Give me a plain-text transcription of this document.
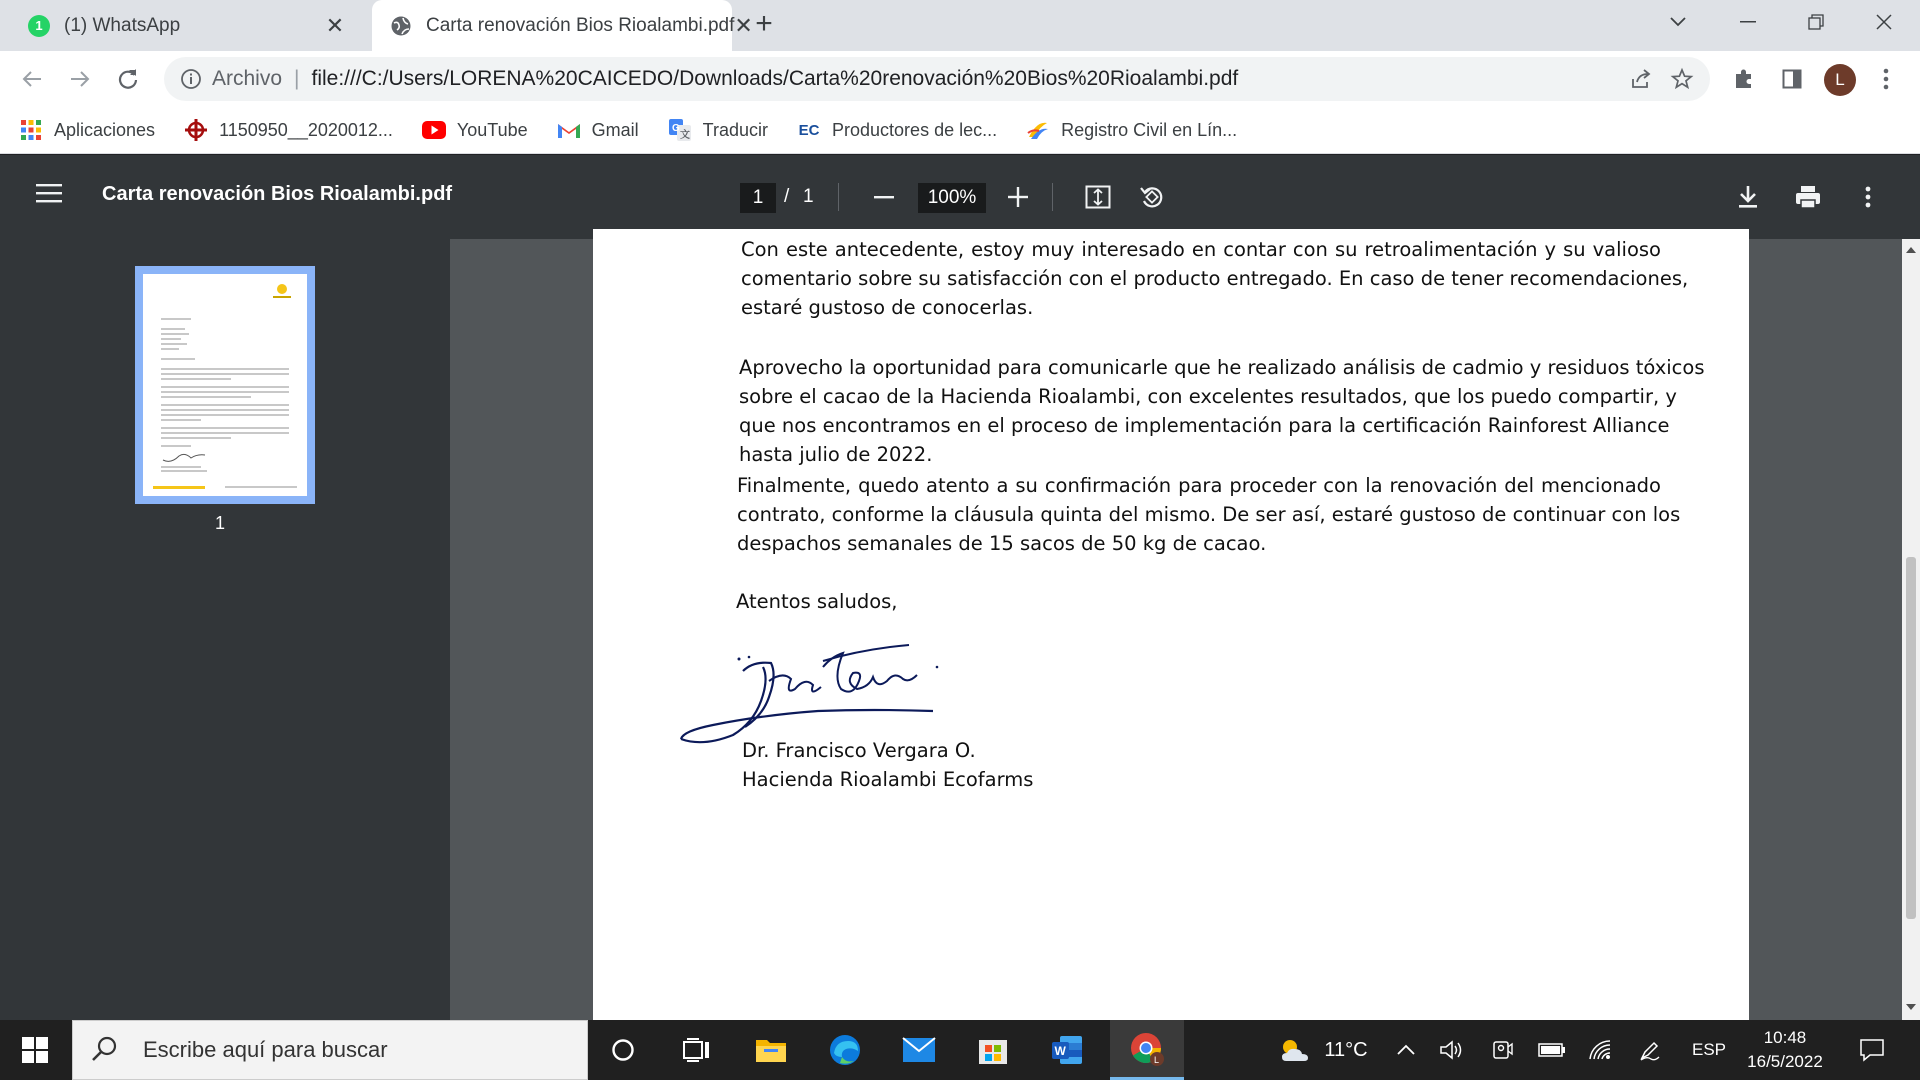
1	(1) WhatsApp	✕	Carta renovación Bios Rioalambi.pdf ✕ +
Archivo | file:///C:/Users/LORENA%20CAICEDO/Downloads/Carta%20renovación%20Bios%20Rioalambi.pdf	L
Aplicaciones	1150950__2020012...	YouTube	Gmail	G
文 Traducir EC Productores de lec...	Registro Civil en Lín...
Carta renovación Bios Rioalambi.pdf	1	/ 1	100%
1
Con este antecedente, estoy muy interesado en contar con su retroalimentación y su valioso
comentario sobre su satisfacción con el producto entregado. En caso de tener recomendaciones,
estaré gustoso de conocerlas.
Aprovecho la oportunidad para comunicarle que he realizado análisis de cadmio y residuos tóxicos
sobre el cacao de la Hacienda Rioalambi, con excelentes resultados, que los puedo compartir, y
que nos encontramos en el proceso de implementación para la certificación Rainforest Alliance
hasta julio de 2022.
Finalmente, quedo atento a su confirmación para proceder con la renovación del mencionado
contrato, conforme la cláusula quinta del mismo. De ser así, estaré gustoso de continuar con los
despachos semanales de 15 sacos de 50 kg de cacao.
Atentos saludos,
Dr. Francisco Vergara O.
Hacienda Rioalambi Ecofarms
Escribe aquí para buscar	W
L	11°C	ESP
10:48
16/5/2022
